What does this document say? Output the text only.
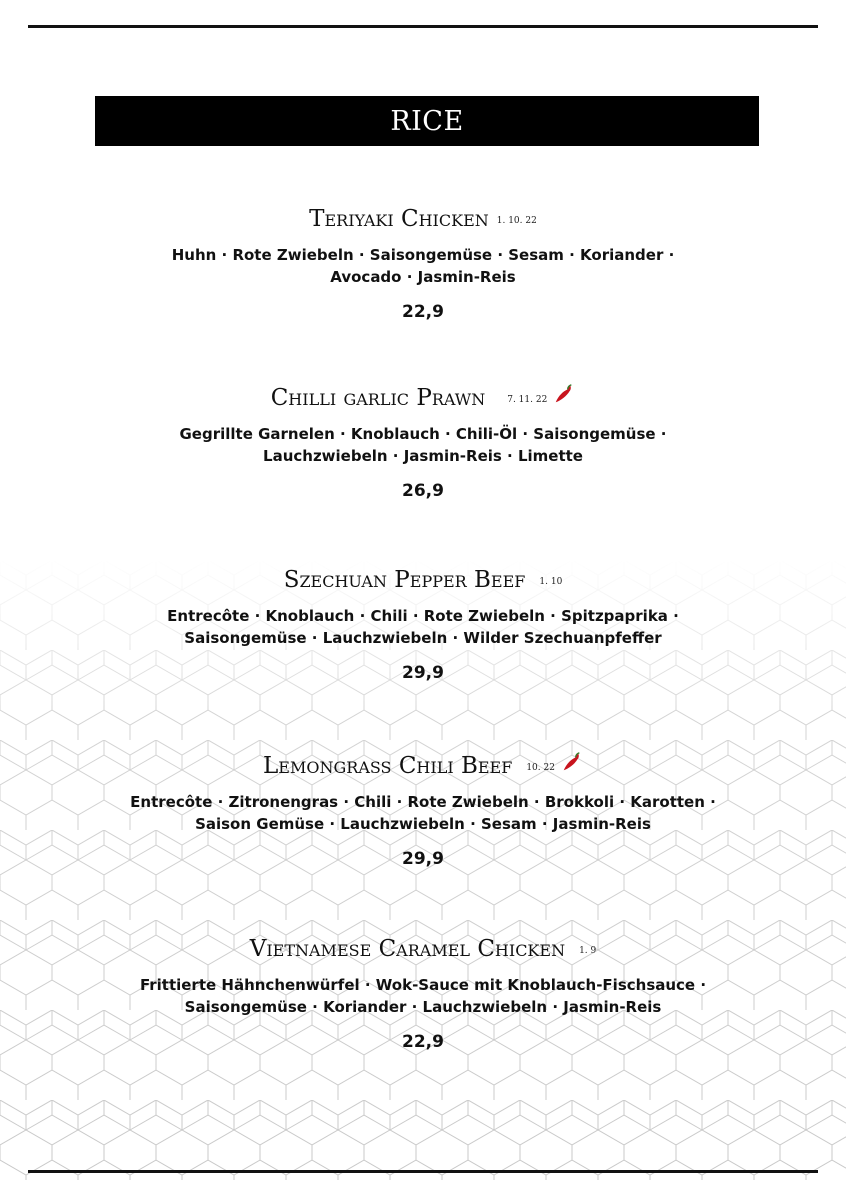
RICE
Teriyaki Chicken $^{1. 10. 22}$
Huhn · Rote Zwiebeln · Saisongemüse · Sesam · Koriander ·
Avocado · Jasmin-Reis
22,9
Chilli garlic Prawn $^{7. 11. 22}$
Gegrillte Garnelen · Knoblauch · Chili-Öl · Saisongemüse ·
Lauchzwiebeln · Jasmin-Reis · Limette
26,9
Szechuan Pepper Beef $^{1. 10}$
Entrecôte · Knoblauch · Chili · Rote Zwiebeln · Spitzpaprika ·
Saisongemüse · Lauchzwiebeln · Wilder Szechuanpfeffer
29,9
Lemongrass Chili Beef $^{10. 22}$
Entrecôte · Zitronengras · Chili · Rote Zwiebeln · Brokkoli · Karotten ·
Saison Gemüse · Lauchzwiebeln · Sesam · Jasmin-Reis
29,9
Vietnamese Caramel Chicken $^{1. 9}$
Frittierte Hähnchenwürfel · Wok-Sauce mit Knoblauch-Fischsauce ·
Saisongemüse · Koriander · Lauchzwiebeln · Jasmin-Reis
22,9
